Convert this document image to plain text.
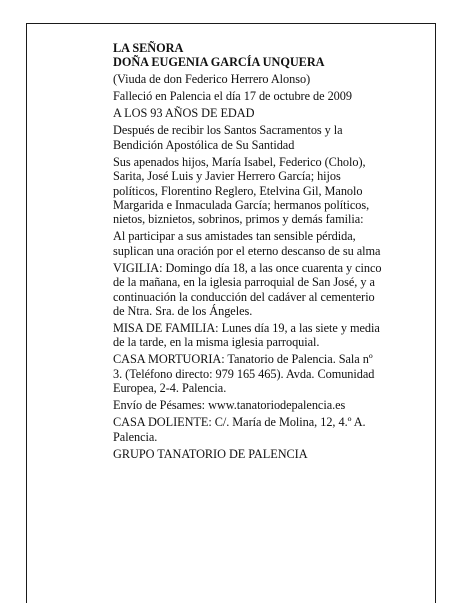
LA SEÑORA
DOÑA EUGENIA GARCÍA UNQUERA
(Viuda de don Federico Herrero Alonso)
Falleció en Palencia el día 17 de octubre de 2009
A LOS 93 AÑOS DE EDAD
Después de recibir los Santos Sacramentos y la
Bendición Apostólica de Su Santidad
Sus apenados hijos, María Isabel, Federico (Cholo),
Sarita, José Luis y Javier Herrero García; hijos
políticos, Florentino Reglero, Etelvina Gil, Manolo
Margarida e Inmaculada García; hermanos políticos,
nietos, biznietos, sobrinos, primos y demás familia:
Al participar a sus amistades tan sensible pérdida,
suplican una oración por el eterno descanso de su alma
VIGILIA: Domingo día 18, a las once cuarenta y cinco
de la mañana, en la iglesia parroquial de San José, y a
continuación la conducción del cadáver al cementerio
de Ntra. Sra. de los Ángeles.
MISA DE FAMILIA: Lunes día 19, a las siete y media
de la tarde, en la misma iglesia parroquial.
CASA MORTUORIA: Tanatorio de Palencia. Sala nº
3. (Teléfono directo: 979 165 465). Avda. Comunidad
Europea, 2-4. Palencia.
Envío de Pésames: www.tanatoriodepalencia.es
CASA DOLIENTE: C/. María de Molina, 12, 4.º A.
Palencia.
GRUPO TANATORIO DE PALENCIA
